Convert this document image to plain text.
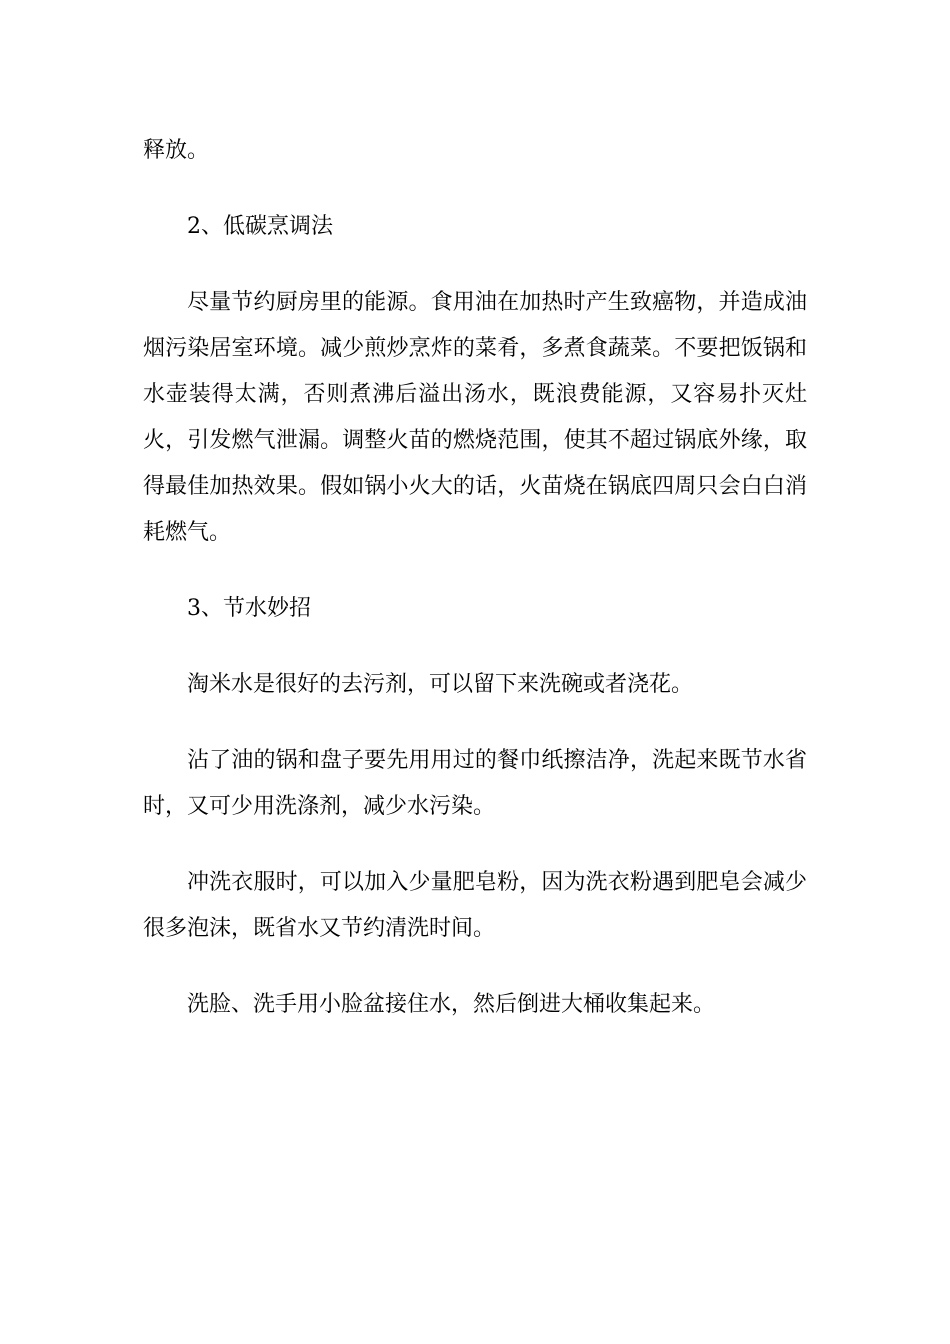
释放。

2、低碳烹调法

尽量节约厨房里的能源。食用油在加热时产生致癌物，并造成油烟污染居室环境。减少煎炒烹炸的菜肴，多煮食蔬菜。不要把饭锅和水壶装得太满，否则煮沸后溢出汤水，既浪费能源，又容易扑灭灶火，引发燃气泄漏。调整火苗的燃烧范围，使其不超过锅底外缘，取得最佳加热效果。假如锅小火大的话，火苗烧在锅底四周只会白白消耗燃气。

3、节水妙招

淘米水是很好的去污剂，可以留下来洗碗或者浇花。

沾了油的锅和盘子要先用用过的餐巾纸擦洁净，洗起来既节水省时，又可少用洗涤剂，减少水污染。

冲洗衣服时，可以加入少量肥皂粉，因为洗衣粉遇到肥皂会减少很多泡沫，既省水又节约清洗时间。

洗脸、洗手用小脸盆接住水，然后倒进大桶收集起来。
